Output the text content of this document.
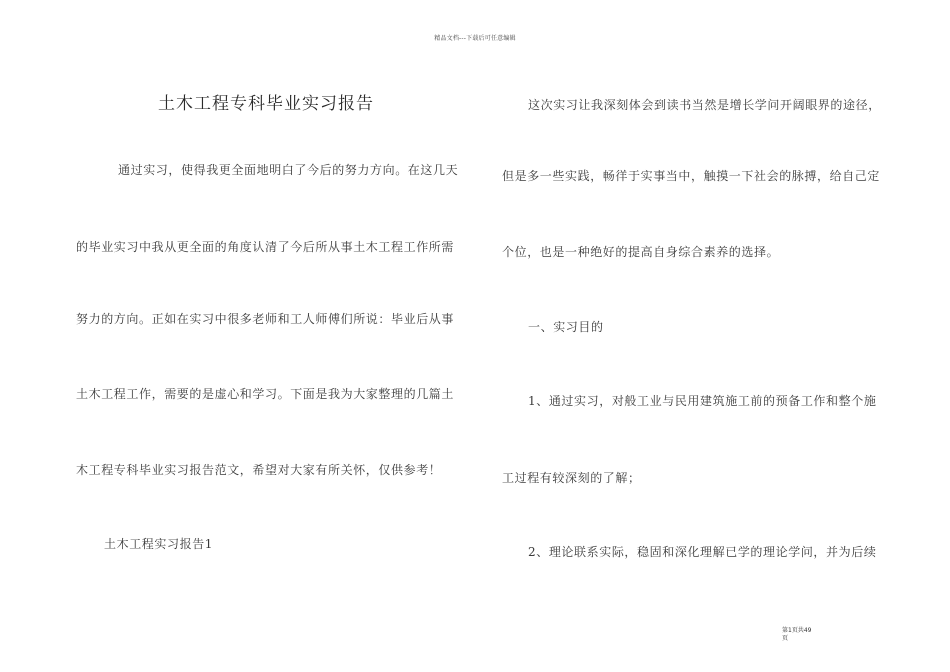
精品文档---下载后可任意编辑
土木工程专科毕业实习报告
通过实习，使得我更全面地明白了今后的努力方向。在这几天
的毕业实习中我从更全面的角度认清了今后所从事土木工程工作所需
努力的方向。正如在实习中很多老师和工人师傅们所说：毕业后从事
土木工程工作，需要的是虚心和学习。下面是我为大家整理的几篇土
木工程专科毕业实习报告范文，希望对大家有所关怀，仅供参考！
土木工程实习报告1
这次实习让我深刻体会到读书当然是增长学问开阔眼界的途径，
但是多一些实践，畅徉于实事当中，触摸一下社会的脉搏，给自己定
个位，也是一种绝好的提高自身综合素养的选择。
一、实习目的
1、通过实习，对般工业与民用建筑施工前的预备工作和整个施
工过程有较深刻的了解；
2、理论联系实际，稳固和深化理解已学的理论学问，并为后续
第1页共49
页
